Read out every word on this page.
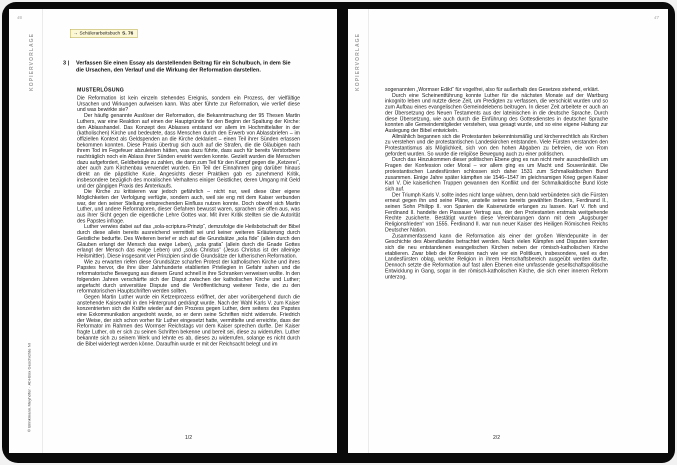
46
KOPIERVORLAGE
© Brinkmann.Meyhöfer · Abi-Box Geschichte NI
→ Schülerarbeitsbuch S. 76
3 | Verfassen Sie einen Essay als darstellenden Beitrag für ein Schulbuch, in dem Sie die Ursachen, den Verlauf und die Wirkung der Reformation darstellen.
MUSTERLÖSUNG

Die Reformation ist kein einzeln stehendes Ereignis, sondern ein Prozess, der vielfältige Ursachen und Wirkungen aufweisen kann. Was aber führte zur Reformation, wie verlief diese und was bewirkte sie?

Der häufig genannte Auslöser der Reformation, die Bekanntmachung der 95 Thesen Martin Luthers, war eine Reaktion auf einen der Hauptgründe für den Beginn der Spaltung der Kirche: den Ablasshandel. Das Konzept des Ablasses entstand vor allem im Hochmittelalter in der (katholischen) Kirche und bedeutete, dass Menschen durch den Erwerb von Ablassbriefen – im offiziellen Kontext als Geldspenden an die Kirche deklariert – einen Teil ihrer Sünden erlassen bekommen konnten. Diese Praxis übertrug sich auch auf die Strafen, die die Gläubigen nach ihrem Tod im Fegefeuer abzuleisten hätten, was dazu führte, dass auch für bereits Verstorbene nachträglich noch ein Ablass ihrer Sünden erwirkt werden konnte. Gezielt wurden die Menschen dazu aufgefordert, Geldbeträge zu zahlen, die dann zum Teil für den Kampf gegen die „Ketzerei“, aber auch zum Kirchenbau verwendet wurden. Ein Teil der Einnahmen ging darüber hinaus direkt an die päpstliche Kurie. Angesichts dieser Praktiken gab es zunehmend Kritik, insbesondere bezüglich des moralischen Verhaltens einiger Geistlicher, deren Umgang mit Geld und der gängigen Praxis des Ämterkaufs.

Die Kirche zu kritisieren war jedoch gefährlich – nicht nur, weil diese über eigene Möglichkeiten der Verfolgung verfügte, sondern auch, weil sie eng mit dem Kaiser verbunden war, der den seiner Stellung entsprechenden Einfluss nutzen konnte. Doch obwohl sich Martin Luther, und andere Reformatoren, dieser Gefahren bewusst waren, sprachen sie offen aus, was aus ihrer Sicht gegen die eigentliche Lehre Gottes war. Mit ihrer Kritik stellten sie die Autorität des Papstes infrage.

Luther verwies dabei auf das „sola-scriptura-Prinzip“, demzufolge die Heilsbotschaft der Bibel durch diese allein bereits ausreichend vermittelt sei und keiner weiteren Erläuterung durch Geistliche bedurfte. Des Weiteren berief er sich auf die Grundsätze „sola fide“ (allein durch den Glauben erlangt der Mensch das ewige Leben), „sola gratia“ (allein durch die Gnade Gottes erlangt der Mensch das ewige Leben) und „solus Christus“ (Jesus Christus ist der alleinige Heilsmittler). Diese insgesamt vier Prinzipien sind die Grundsätze der lutherischen Reformation.

Wie zu erwarten riefen diese Grundsätze scharfen Protest der katholischen Kirche und ihres Papstes hervor, die ihre über Jahrhunderte etablierten Privilegien in Gefahr sahen und die reformatorische Bewegung aus diesem Grund schnell in ihre Schranken verweisen wollte. In den folgenden Jahren verschärfte sich der Disput zwischen der katholischen Kirche und Luther; angefacht durch universitäre Dispute und die Veröffentlichung weiterer Texte, die zu den reformatorischen Hauptschriften werden sollten.

Gegen Martin Luther wurde ein Ketzerprozess eröffnet, der aber vorübergehend durch die anstehende Kaiserwahl in den Hintergrund gedrängt wurde. Nach der Wahl Karls V. zum Kaiser konzentrierten sich die Kräfte wieder auf den Prozess gegen Luther, dem seitens des Papstes eine Exkommunikation angedroht wurde, so er denn seine Schriften nicht widerrufe. Friedrich der Weise, der sich schon vorher für Luther eingesetzt hatte, vermittelte und erreichte, dass der Reformator im Rahmen des Wormser Reichstags vor dem Kaiser sprechen durfte. Der Kaiser fragte Luther, ob er sich zu seinen Schriften bekenne und bereit sei, diese zu widerrufen. Luther bekannte sich zu seinem Werk und lehnte es ab, dieses zu widerrufen, solange es nicht durch die Bibel widerlegt werden könne. Daraufhin wurde er mit der Reichsacht belegt und im

1/2
47
KOPIERVORLAGE sogenannten „Wormser Edikt“ für vogelfrei, also für außerhalb des Gesetzes stehend, erklärt.

Durch eine Scheinentführung konnte Luther für die nächsten Monate auf der Wartburg inkognito leben und nutzte diese Zeit, um Predigten zu verfassen, die verschickt wurden und so zum Aufbau eines evangelischen Gemeindelebens beitrugen. In dieser Zeit arbeitete er auch an der Übersetzung des Neuen Testaments aus der lateinischen in die deutsche Sprache. Durch diese Übersetzung, wie auch durch die Einführung des Gottesdienstes in deutscher Sprache konnten alle Gemeindemitglieder verstehen, was gesagt wurde, und so eine eigene Haltung zur Auslegung der Bibel entwickeln.

Allmählich begannen sich die Protestanten bekenntnismäßig und kirchenrechtlich als Kirchen zu verstehen und die protestantischen Landeskirchen entstanden. Viele Fürsten verstanden den Protestantismus als Möglichkeit, sich von den hohen Abgaben zu befreien, die von Rom gefordert wurden. So wurde die religiöse Bewegung auch zu einer politischen.

Durch das Hinzukommen dieser politischen Ebene ging es nun nicht mehr ausschließlich um Fragen der Konfession oder Moral – vor allem ging es um Macht und Souveränität. Die protestantischen Landesfürsten schlossen sich daher 1531 zum Schmalkaldischen Bund zusammen. Einige Jahre später kämpften sie 1546–1547 im gleichnamigen Krieg gegen Kaiser Karl V. Die kaiserlichen Truppen gewannen den Konflikt und der Schmalkaldische Bund löste sich auf.

Der Triumph Karls V. sollte indes nicht lange währen, denn bald verbündeten sich die Fürsten erneut gegen ihn und seine Pläne, anstelle seines bereits gewählten Bruders, Ferdinand II., seinen Sohn Philipp II. von Spanien die Kaiserwürde erlangen zu lassen. Karl V. floh und Ferdinand II. handelte den Passauer Vertrag aus, der den Protestanten erstmals weitgehende Rechte zusicherte. Bestätigt wurden diese Vereinbarungen dann mit dem „Augsburger Religionsfrieden“ von 1555. Ferdinand II. war nun neuer Kaiser des Heiligen Römischen Reichs Deutscher Nation.

Zusammenfassend kann die Reformation als einer der großen Wendepunkte in der Geschichte des Abendlandes betrachtet werden. Nach vielen Kämpfen und Disputen konnten sich die neu entstandenen evangelischen Kirchen neben der römisch-katholischen Kirche etablieren. Zwar blieb die Konfession nach wie vor ein Politikum, insbesondere, weil es den Landesfürsten oblag, welche Religion in ihrem Herrschaftsbereich ausgeübt werden durfte. Dennoch setzte die Reformation auf fast allen Ebenen eine umfassende gesellschaftspolitische Entwicklung in Gang, sogar in der römisch-katholischen Kirche, die sich einer inneren Reform unterzog.

2/2
